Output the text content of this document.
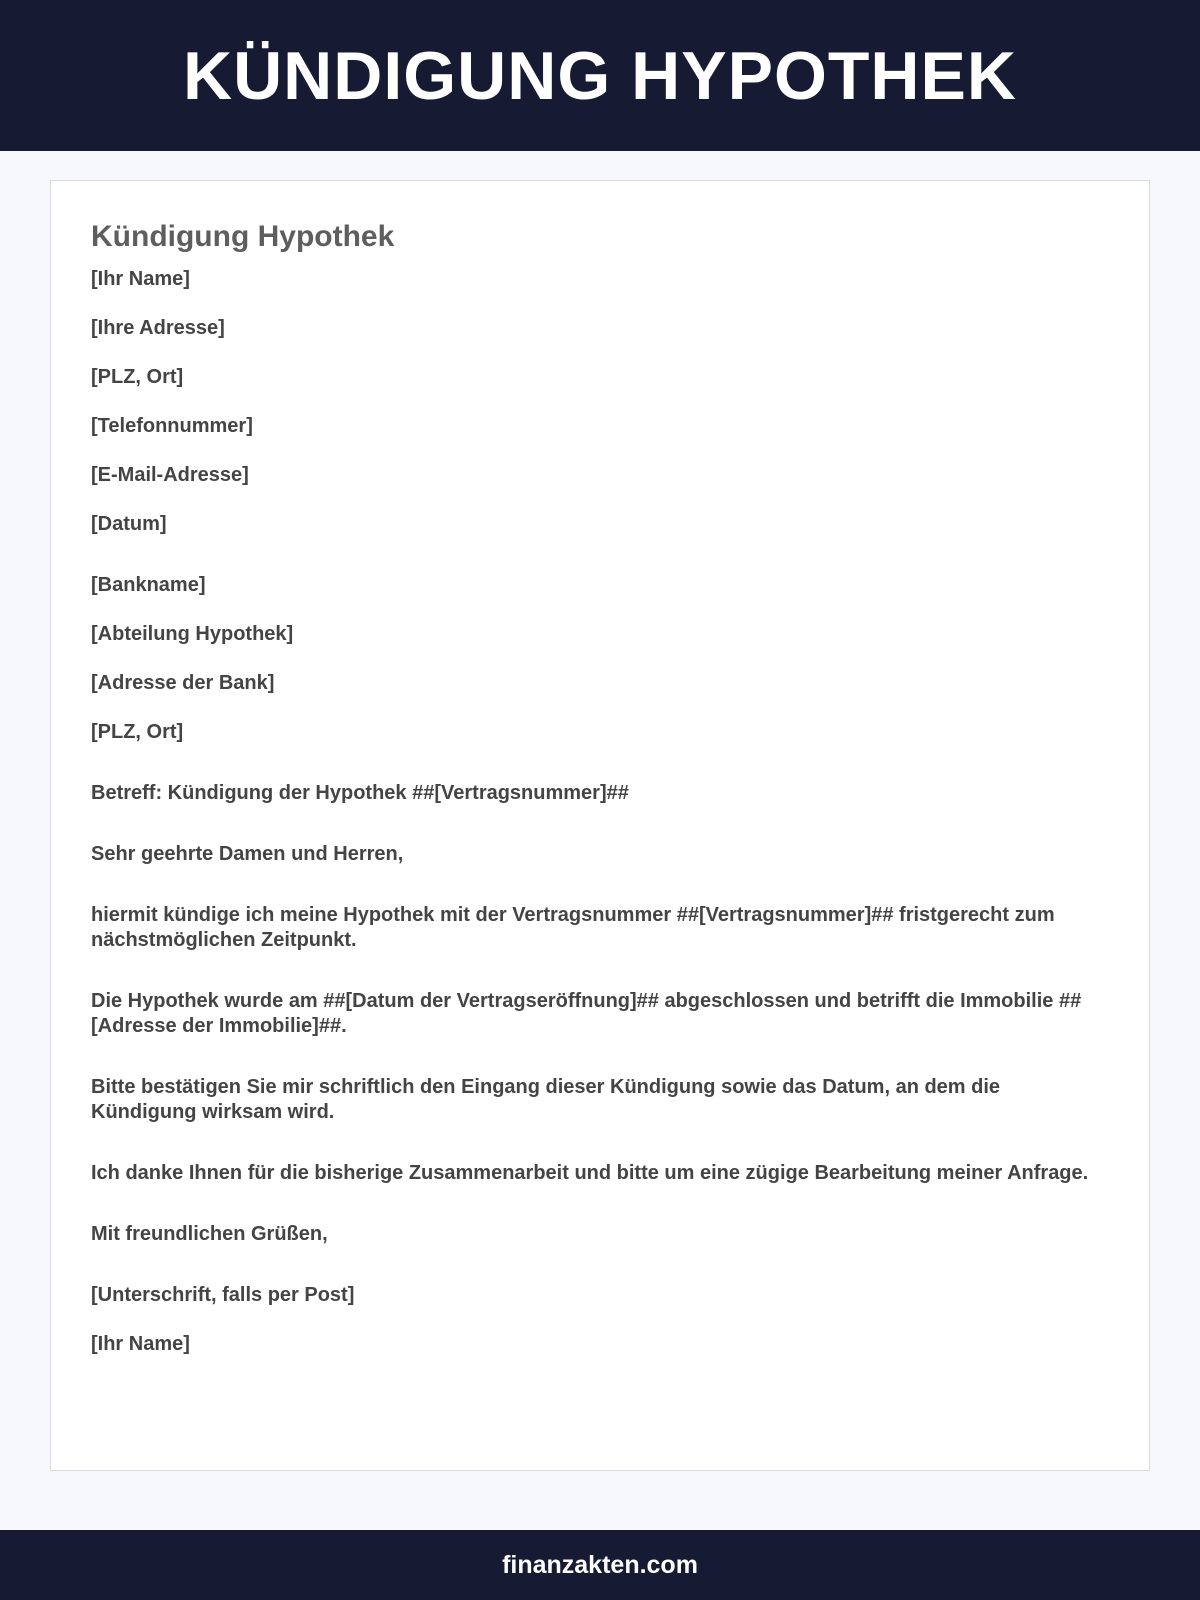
KÜNDIGUNG HYPOTHEK
Kündigung Hypothek
[Ihr Name]
[Ihre Adresse]
[PLZ, Ort]
[Telefonnummer]
[E-Mail-Adresse]
[Datum]
[Bankname]
[Abteilung Hypothek]
[Adresse der Bank]
[PLZ, Ort]
Betreff: Kündigung der Hypothek ##[Vertragsnummer]##
Sehr geehrte Damen und Herren,
hiermit kündige ich meine Hypothek mit der Vertragsnummer ##[Vertragsnummer]## fristgerecht zum nächstmöglichen Zeitpunkt.
Die Hypothek wurde am ##[Datum der Vertragseröffnung]## abgeschlossen und betrifft die Immobilie ##[Adresse der Immobilie]##.
Bitte bestätigen Sie mir schriftlich den Eingang dieser Kündigung sowie das Datum, an dem die Kündigung wirksam wird.
Ich danke Ihnen für die bisherige Zusammenarbeit und bitte um eine zügige Bearbeitung meiner Anfrage.
Mit freundlichen Grüßen,
[Unterschrift, falls per Post]
[Ihr Name]
finanzakten.com
